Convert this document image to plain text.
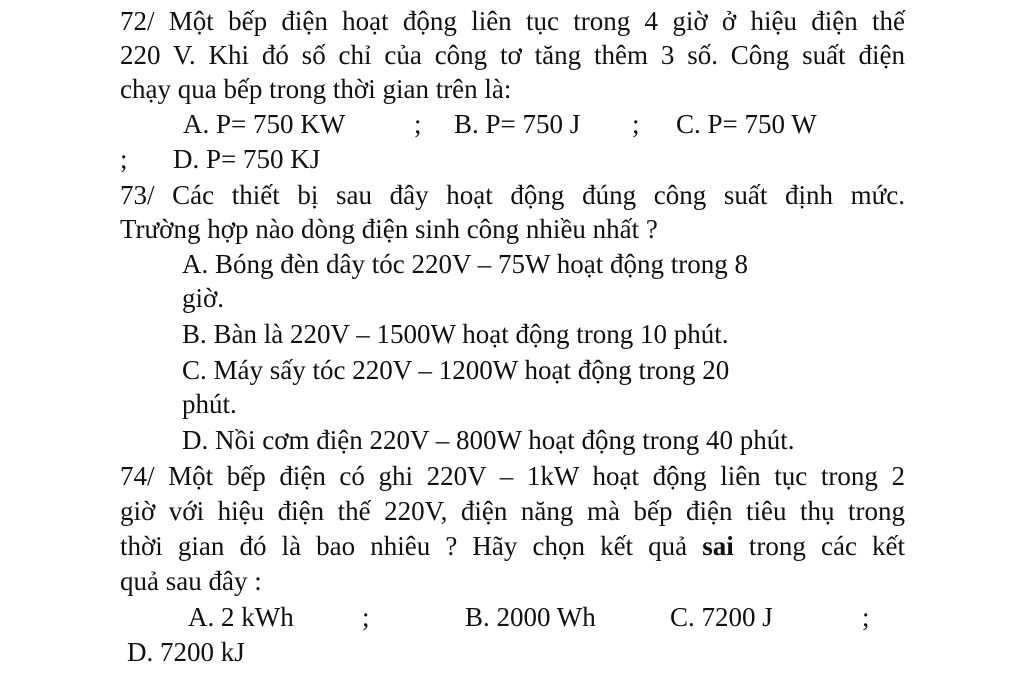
72/ Một bếp điện hoạt động liên tục trong 4 giờ ở hiệu điện thế
220 V. Khi đó số chỉ của công tơ tăng thêm 3 số. Công suất điện
chạy qua bếp trong thời gian trên là:
A. P= 750 KW	; B. P= 750 J ; C. P= 750 W
; D. P= 750 KJ
73/ Các thiết bị sau đây hoạt động đúng công suất định mức.
Trường hợp nào dòng điện sinh công nhiều nhất ?
A. Bóng đèn dây tóc 220V – 75W hoạt động trong 8
giờ.
B. Bàn là 220V – 1500W hoạt động trong 10 phút.
C. Máy sấy tóc 220V – 1200W hoạt động trong 20
phút.
D. Nồi cơm điện 220V – 800W hoạt động trong 40 phút.
74/ Một bếp điện có ghi 220V – 1kW hoạt động liên tục trong 2
giờ với hiệu điện thế 220V, điện năng mà bếp điện tiêu thụ trong
thời gian đó là bao nhiêu ? Hãy chọn kết quả sai trong các kết
quả sau đây :
A. 2 kWh	;	B. 2000 Wh	C. 7200 J	;
D. 7200 kJ
